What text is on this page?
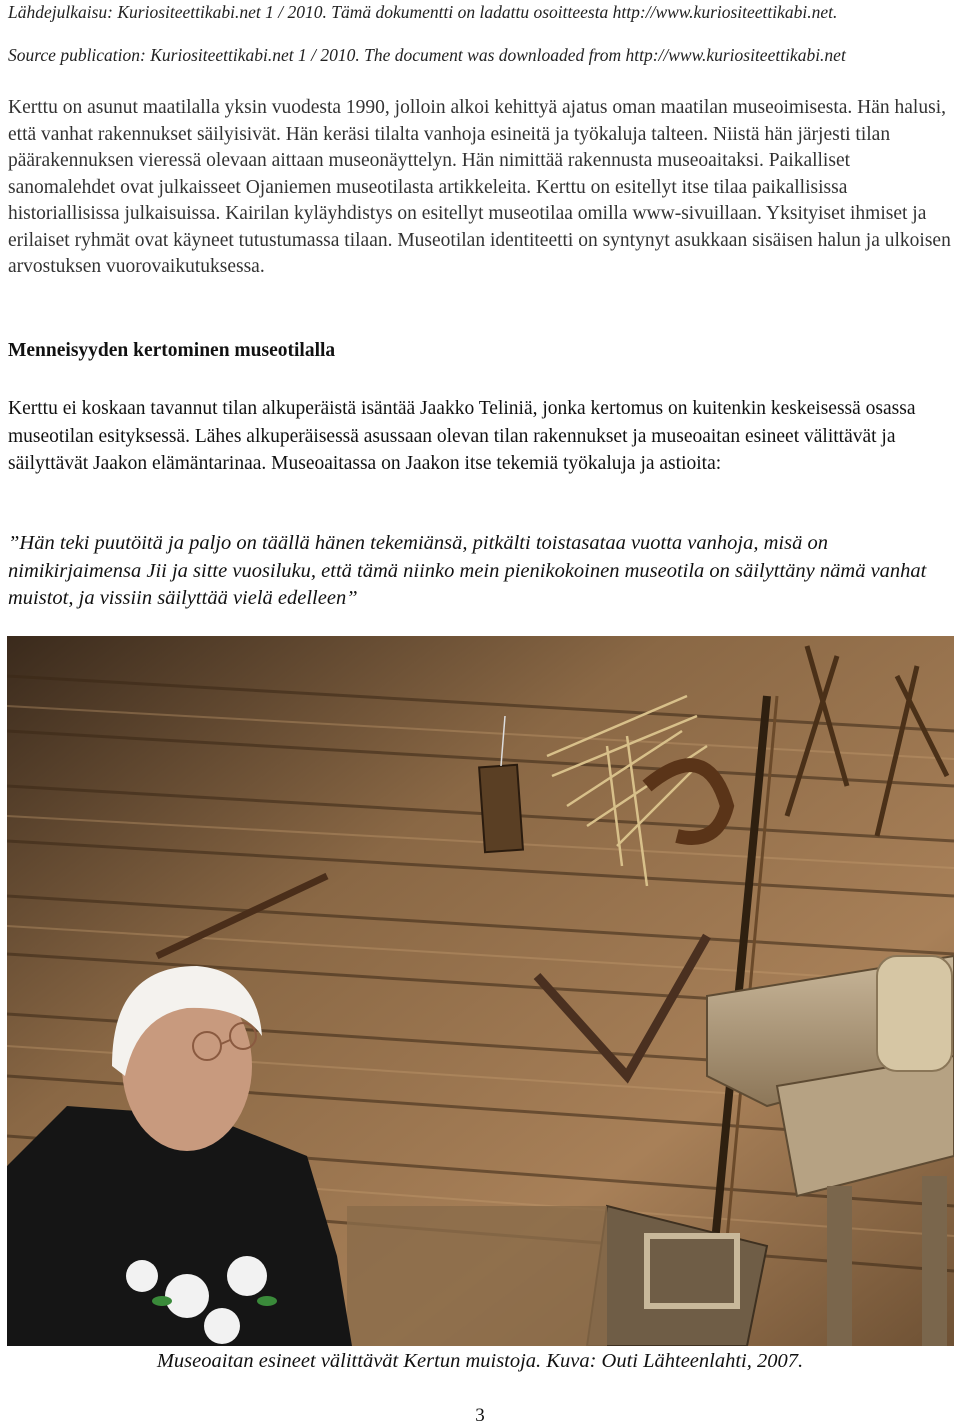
Lähdejulkaisu: Kuriositeettikabi.net 1 / 2010. Tämä dokumentti on ladattu osoitteesta http://www.kuriositeettikabi.net.
Source publication: Kuriositeettikabi.net 1 / 2010. The document was downloaded from http://www.kuriositeettikabi.net

Kerttu on asunut maatilalla yksin vuodesta 1990, jolloin alkoi kehittyä ajatus oman maatilan museoimisesta. Hän halusi, että vanhat rakennukset säilyisivät. Hän keräsi tilalta vanhoja esineitä ja työkaluja talteen. Niistä hän järjesti tilan päärakennuksen vieressä olevaan aittaan museonäyttelyn. Hän nimittää rakennusta museoaitaksi. Paikalliset sanomalehdet ovat julkaisseet Ojaniemen museotilasta artikkeleita. Kerttu on esitellyt itse tilaa paikallisissa historiallisissa julkaisuissa. Kairilan kyläyhdistys on esitellyt museotilaa omilla www-sivuillaan. Yksityiset ihmiset ja erilaiset ryhmät ovat käyneet tutustumassa tilaan. Museotilan identiteetti on syntynyt asukkaan sisäisen halun ja ulkoisen arvostuksen vuorovaikutuksessa.

Menneisyyden kertominen museotilalla

Kerttu ei koskaan tavannut tilan alkuperäistä isäntää Jaakko Teliniä, jonka kertomus on kuitenkin keskeisessä osassa museotilan esityksessä. Lähes alkuperäisessä asussaan olevan tilan rakennukset ja museoaitan esineet välittävät ja säilyttävät Jaakon elämäntarinaa. Museoaitassa on Jaakon itse tekemiä työkaluja ja astioita:

”Hän teki puutöitä ja paljo on täällä hänen tekemiänsä, pitkälti toistasataa vuotta vanhoja, misä on nimikirjaimensa Jii ja sitte vuosiluku, että tämä niinko mein pienikokoinen museotila on säilyttäny nämä vanhat muistot, ja vissiin säilyttää vielä edelleen”

Museoaitan esineet välittävät Kertun muistoja. Kuva: Outi Lähteenlahti, 2007.
3
